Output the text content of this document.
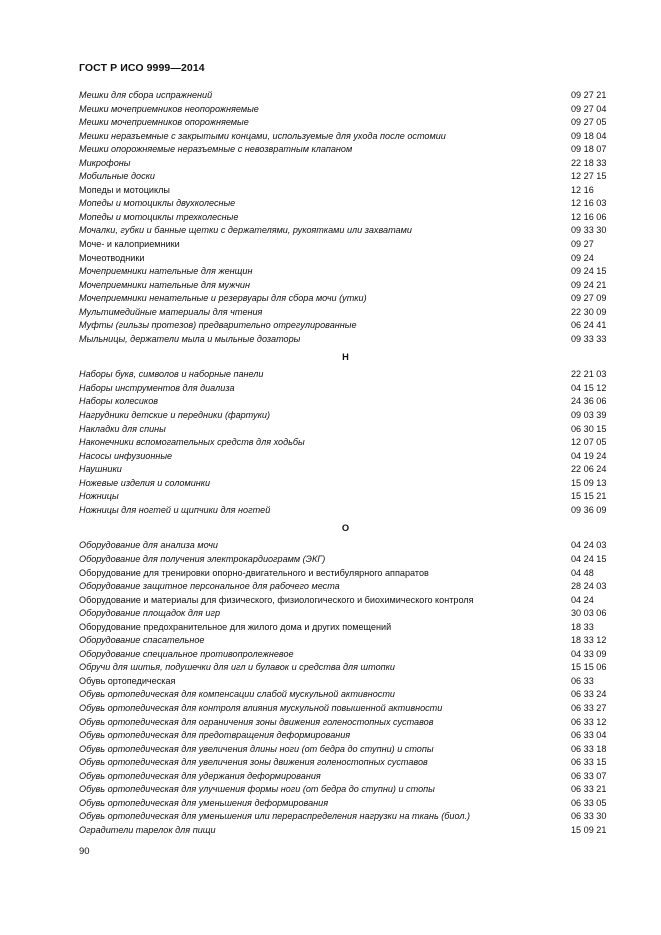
ГОСТ Р ИСО 9999—2014
Мешки для сбора испражнений	09 27 21
Мешки мочеприемников неопорожняемые	09 27 04
Мешки мочеприемников опорожняемые	09 27 05
Мешки неразъемные с закрытыми концами, используемые для ухода после остомии	09 18 04
Мешки опорожняемые неразъемные с невозвратным клапаном	09 18 07
Микрофоны	22 18 33
Мобильные доски	12 27 15
Мопеды и мотоциклы	12 16
Мопеды и мотоциклы двухколесные	12 16 03
Мопеды и мотоциклы трехколесные	12 16 06
Мочалки, губки и банные щетки с держателями, рукоятками или захватами	09 33 30
Моче- и калоприемники	09 27
Мочеотводники	09 24
Мочеприемники нательные для женщин	09 24 15
Мочеприемники нательные для мужчин	09 24 21
Мочеприемники ненательные и резервуары для сбора мочи (утки)	09 27 09
Мультимедийные материалы для чтения	22 30 09
Муфты (гильзы протезов) предварительно отрегулированные	06 24 41
Мыльницы, держатели мыла и мыльные дозаторы	09 33 33
Н
Наборы букв, символов и наборные панели	22 21 03
Наборы инструментов для диализа	04 15 12
Наборы колесиков	24 36 06
Нагрудники детские и передники (фартуки)	09 03 39
Накладки для спины	06 30 15
Наконечники вспомогательных средств для ходьбы	12 07 05
Насосы инфузионные	04 19 24
Наушники	22 06 24
Ножевые изделия и соломинки	15 09 13
Ножницы	15 15 21
Ножницы для ногтей и щипчики для ногтей	09 36 09
О
Оборудование для анализа мочи	04 24 03
Оборудование для получения электрокардиограмм (ЭКГ)	04 24 15
Оборудование для тренировки опорно-двигательного и вестибулярного аппаратов	04 48
Оборудование защитное персональное для рабочего места	28 24 03
Оборудование и материалы для физического, физиологического и биохимического контроля	04 24
Оборудование площадок для игр	30 03 06
Оборудование предохранительное для жилого дома и других помещений	18 33
Оборудование спасательное	18 33 12
Оборудование специальное противопролежневое	04 33 09
Обручи для шитья, подушечки для игл и булавок и средства для штопки	15 15 06
Обувь ортопедическая	06 33
Обувь ортопедическая для компенсации слабой мускульной активности	06 33 24
Обувь ортопедическая для контроля влияния мускульной повышенной активности	06 33 27
Обувь ортопедическая для ограничения зоны движения голеностопных суставов	06 33 12
Обувь ортопедическая для предотвращения деформирования	06 33 04
Обувь ортопедическая для увеличения длины ноги (от бедра до ступни) и стопы	06 33 18
Обувь ортопедическая для увеличения зоны движения голеностопных суставов	06 33 15
Обувь ортопедическая для удержания деформирования	06 33 07
Обувь ортопедическая для улучшения формы ноги (от бедра до ступни) и стопы	06 33 21
Обувь ортопедическая для уменьшения деформирования	06 33 05
Обувь ортопедическая для уменьшения или перераспределения нагрузки на ткань (биол.)	06 33 30
Оградители тарелок для пищи	15 09 21
90
